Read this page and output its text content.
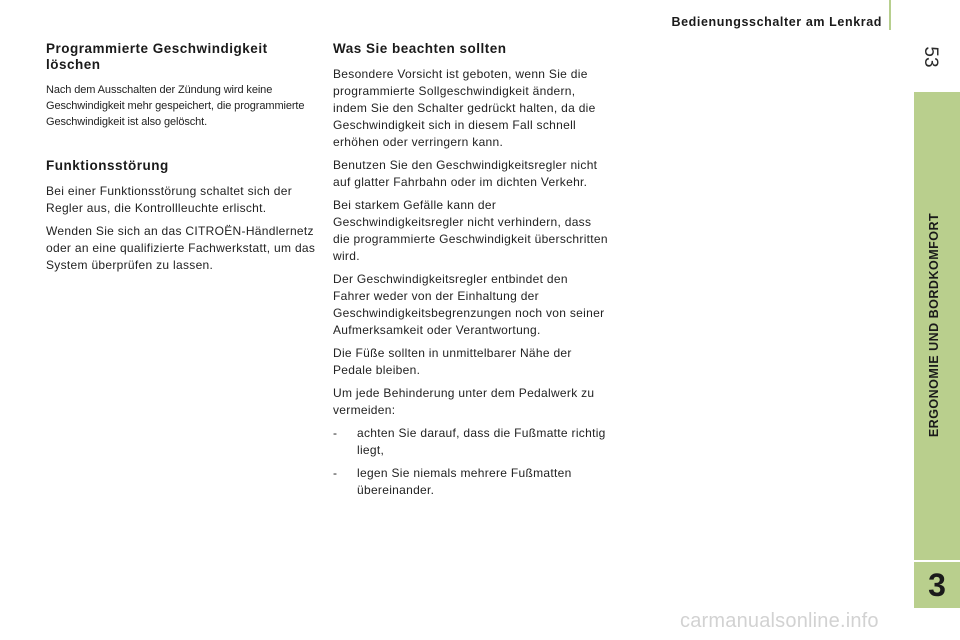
Bedienungsschalter am Lenkrad
53
ERGONOMIE UND BORDKOMFORT
3
Programmierte Geschwindigkeit löschen

Nach dem Ausschalten der Zündung wird keine Geschwindigkeit mehr gespeichert, die programmierte Geschwindigkeit ist also gelöscht.

Funktionsstörung

Bei einer Funktionsstörung schaltet sich der Regler aus, die Kontrollleuchte erlischt.

Wenden Sie sich an das CITROËN-Händlernetz oder an eine qualifizierte Fachwerkstatt, um das System überprüfen zu lassen.

Was Sie beachten sollten

Besondere Vorsicht ist geboten, wenn Sie die programmierte Sollgeschwindigkeit ändern, indem Sie den Schalter gedrückt halten, da die Geschwindigkeit sich in diesem Fall schnell erhöhen oder verringern kann.

Benutzen Sie den Geschwindigkeitsregler nicht auf glatter Fahrbahn oder im dichten Verkehr.

Bei starkem Gefälle kann der Geschwindigkeitsregler nicht verhindern, dass die programmierte Geschwindigkeit überschritten wird.

Der Geschwindigkeitsregler entbindet den Fahrer weder von der Einhaltung der Geschwindigkeitsbegrenzungen noch von seiner Aufmerksamkeit oder Verantwortung.

Die Füße sollten in unmittelbarer Nähe der Pedale bleiben.

Um jede Behinderung unter dem Pedalwerk zu vermeiden:

- achten Sie darauf, dass die Fußmatte richtig liegt,
- legen Sie niemals mehrere Fußmatten übereinander.
carmanualsonline.info
